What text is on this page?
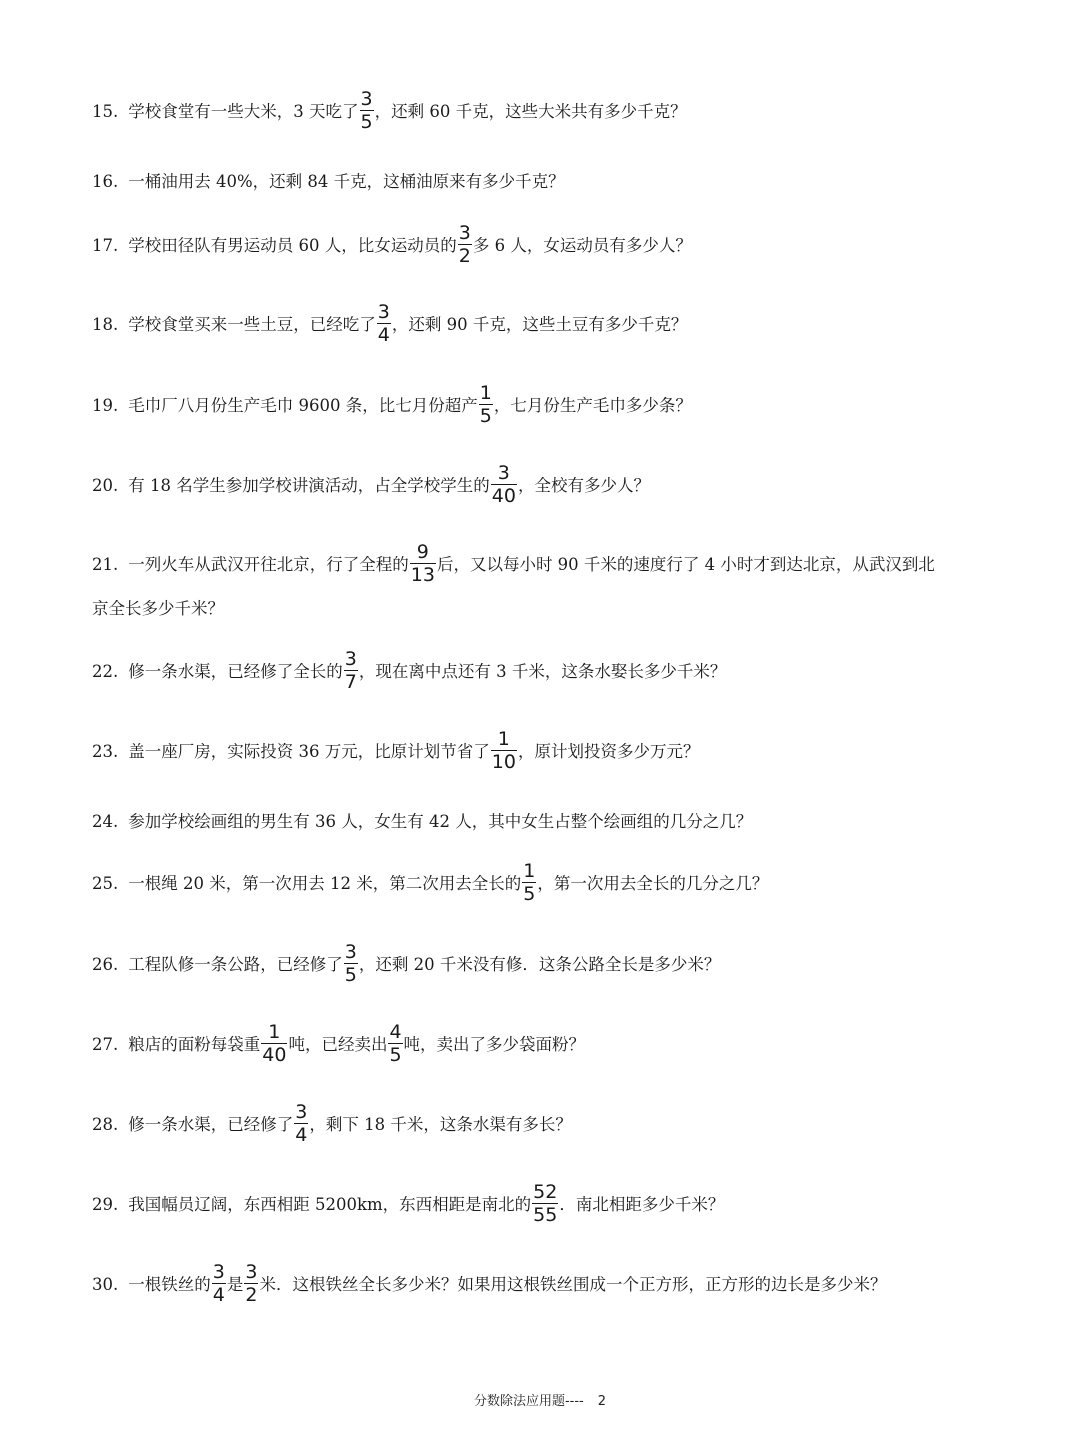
15. 学校食堂有一些大米，3 天吃了 $\frac{3}{5}$ ，还剩 60 千克，这些大米共有多少千克？
16. 一桶油用去 40%，还剩 84 千克，这桶油原来有多少千克？
17. 学校田径队有男运动员 60 人，比女运动员的 $\frac{3}{2}$ 多 6 人，女运动员有多少人？
18. 学校食堂买来一些土豆，已经吃了 $\frac{3}{4}$ ，还剩 90 千克，这些土豆有多少千克？
19. 毛巾厂八月份生产毛巾 9600 条，比七月份超产 $\frac{1}{5}$ ，七月份生产毛巾多少条？
20. 有 18 名学生参加学校讲演活动，占全学校学生的 $\frac{3}{40}$ ，全校有多少人？
21. 一列火车从武汉开往北京，行了全程的 $\frac{9}{13}$ 后，又以每小时 90 千米的速度行了 4 小时才到达北京，从武汉到北
京全长多少千米？
22. 修一条水渠，已经修了全长的 $\frac{3}{7}$ ，现在离中点还有 3 千米，这条水娶长多少千米？
23. 盖一座厂房，实际投资 36 万元，比原计划节省了 $\frac{1}{10}$ ，原计划投资多少万元？
24. 参加学校绘画组的男生有 36 人，女生有 42 人，其中女生占整个绘画组的几分之几？
25. 一根绳 20 米，第一次用去 12 米，第二次用去全长的 $\frac{1}{5}$ ，第一次用去全长的几分之几？
26. 工程队修一条公路，已经修了 $\frac{3}{5}$ ，还剩 20 千米没有修．这条公路全长是多少米？
27. 粮店的面粉每袋重 $\frac{1}{40}$ 吨，已经卖出 $\frac{4}{5}$ 吨，卖出了多少袋面粉？
28. 修一条水渠，已经修了 $\frac{3}{4}$ ，剩下 18 千米，这条水渠有多长？
29. 我国幅员辽阔，东西相距 5200km，东西相距是南北的 $\frac{52}{55}$ ．南北相距多少千米？
30. 一根铁丝的 $\frac{3}{4}$ 是 $\frac{3}{2}$ 米．这根铁丝全长多少米？如果用这根铁丝围成一个正方形，正方形的边长是多少米？
分数除法应用题---- 2
